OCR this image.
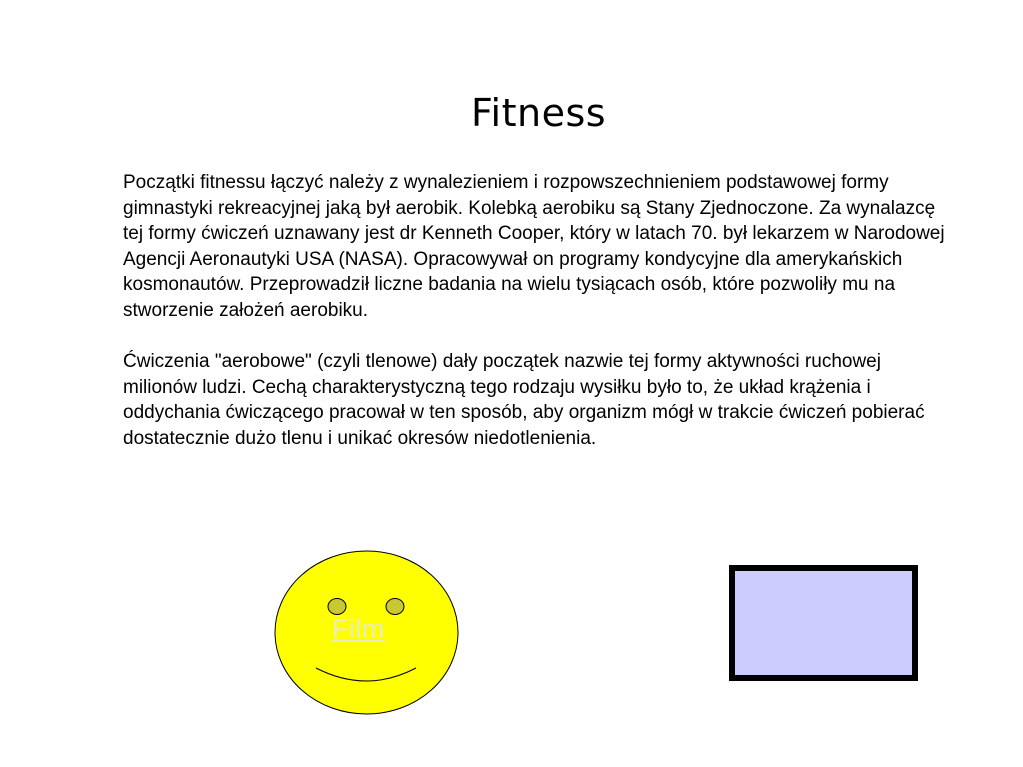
Fitness

Początki fitnessu łączyć należy z wynalezieniem i rozpowszechnieniem podstawowej formy gimnastyki rekreacyjnej jaką był aerobik. Kolebką aerobiku są Stany Zjednoczone. Za wynalazcę tej formy ćwiczeń uznawany jest dr Kenneth Cooper, który w latach 70. był lekarzem w Narodowej Agencji Aeronautyki USA (NASA). Opracowywał on programy kondycyjne dla amerykańskich kosmonautów. Przeprowadził liczne badania na wielu tysiącach osób, które pozwoliły mu na stworzenie założeń aerobiku.

Ćwiczenia "aerobowe" (czyli tlenowe) dały początek nazwie tej formy aktywności ruchowej milionów ludzi. Cechą charakterystyczną tego rodzaju wysiłku było to, że układ krążenia i oddychania ćwiczącego pracował w ten sposób, aby organizm mógł w trakcie ćwiczeń pobierać dostatecznie dużo tlenu i unikać okresów niedotlenienia.

Film
